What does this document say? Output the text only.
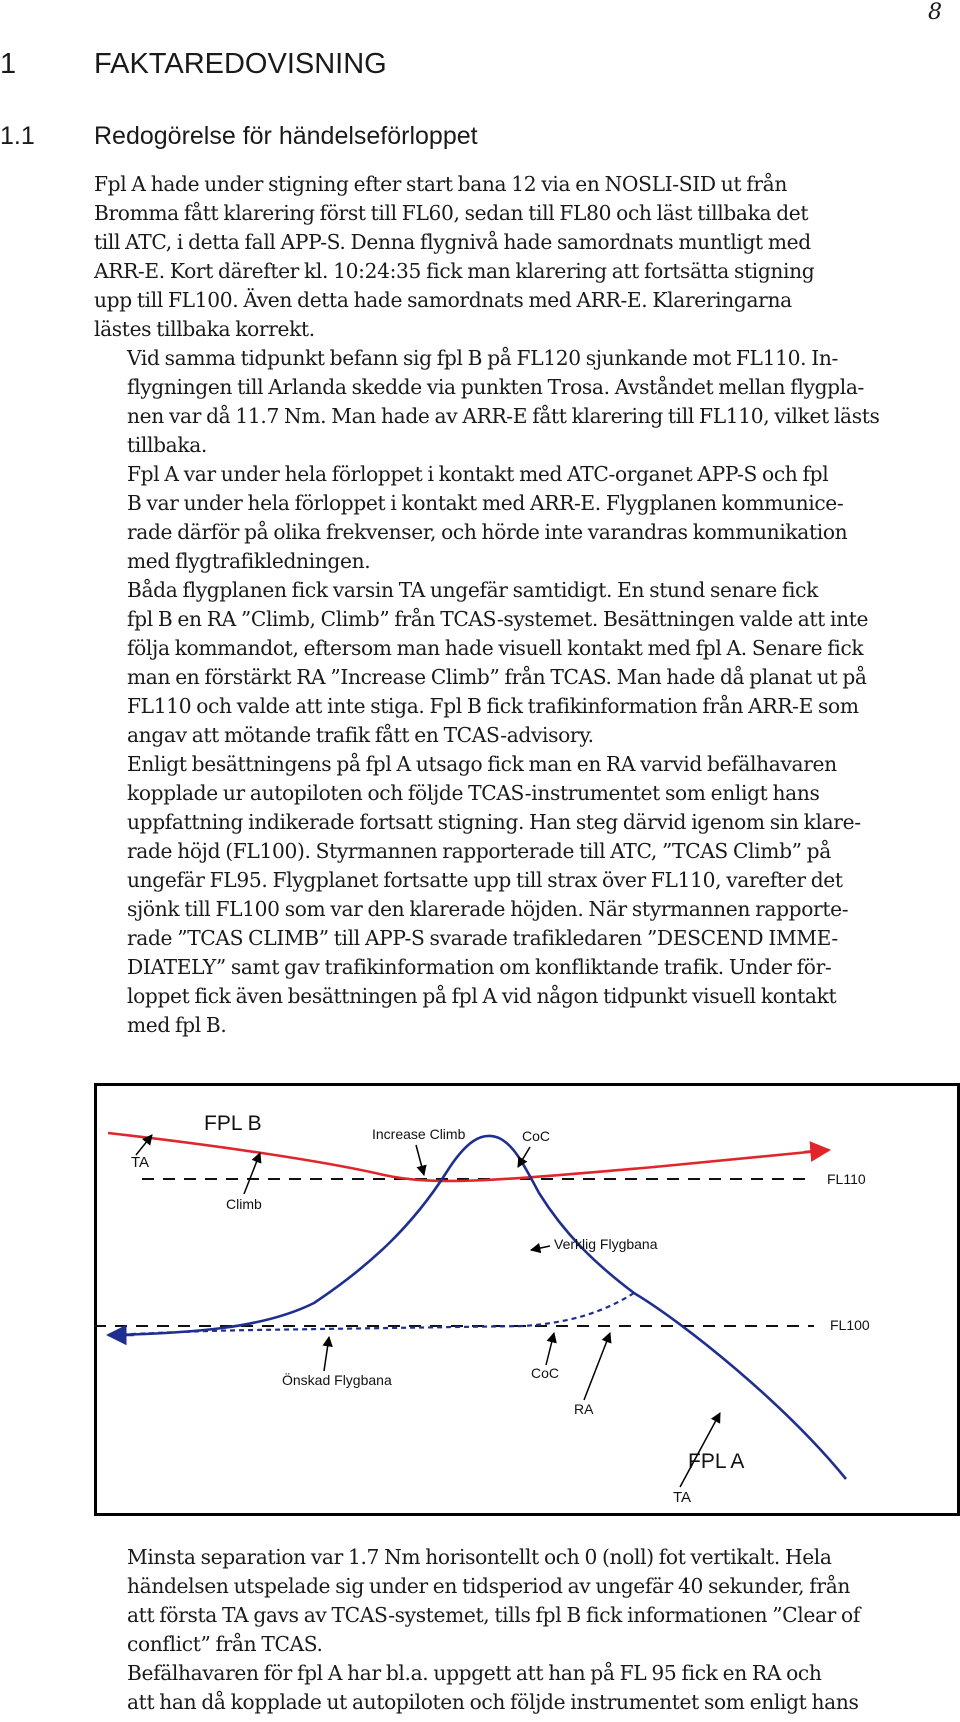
8
1	FAKTAREDOVISNING
1.1 Redogörelse för händelseförloppet

Fpl A hade under stigning efter start bana 12 via en NOSLI-SID ut från
Bromma fått klarering först till FL60, sedan till FL80 och läst tillbaka det
till ATC, i detta fall APP-S. Denna flygnivå hade samordnats muntligt med
ARR-E. Kort därefter kl. 10:24:35 fick man klarering att fortsätta stigning
upp till FL100. Även detta hade samordnats med ARR-E. Klareringarna
lästes tillbaka korrekt.

Vid samma tidpunkt befann sig fpl B på FL120 sjunkande mot FL110. In-
flygningen till Arlanda skedde via punkten Trosa. Avståndet mellan flygpla-
nen var då 11.7 Nm. Man hade av ARR-E fått klarering till FL110, vilket lästs
tillbaka.

Fpl A var under hela förloppet i kontakt med ATC-organet APP-S och fpl
B var under hela förloppet i kontakt med ARR-E. Flygplanen kommunice-
rade därför på olika frekvenser, och hörde inte varandras kommunikation
med flygtrafikledningen.

Båda flygplanen fick varsin TA ungefär samtidigt. En stund senare fick
fpl B en RA ”Climb, Climb” från TCAS-systemet. Besättningen valde att inte
följa kommandot, eftersom man hade visuell kontakt med fpl A. Senare fick
man en förstärkt RA ”Increase Climb” från TCAS. Man hade då planat ut på
FL110 och valde att inte stiga. Fpl B fick trafikinformation från ARR-E som
angav att mötande trafik fått en TCAS-advisory.

Enligt besättningens på fpl A utsago fick man en RA varvid befälhavaren
kopplade ur autopiloten och följde TCAS-instrumentet som enligt hans
uppfattning indikerade fortsatt stigning. Han steg därvid igenom sin klare-
rade höjd (FL100). Styrmannen rapporterade till ATC, ”TCAS Climb” på
ungefär FL95. Flygplanet fortsatte upp till strax över FL110, varefter det
sjönk till FL100 som var den klarerade höjden. När styrmannen rapporte-
rade ”TCAS CLIMB” till APP-S svarade trafikledaren ”DESCEND IMME-
DIATELY” samt gav trafikinformation om konfliktande trafik. Under för-
loppet fick även besättningen på fpl A vid någon tidpunkt visuell kontakt
med fpl B.

FPL B
FPL A
Increase Climb	CoC
TA
Climb
Verklig Flygbana
Önskad Flygbana	CoC
RA
TA
FL110
FL100

Minsta separation var 1.7 Nm horisontellt och 0 (noll) fot vertikalt. Hela
händelsen utspelade sig under en tidsperiod av ungefär 40 sekunder, från
att första TA gavs av TCAS-systemet, tills fpl B fick informationen ”Clear of
conflict” från TCAS.

Befälhavaren för fpl A har bl.a. uppgett att han på FL 95 fick en RA och
att han då kopplade ut autopiloten och följde instrumentet som enligt hans
